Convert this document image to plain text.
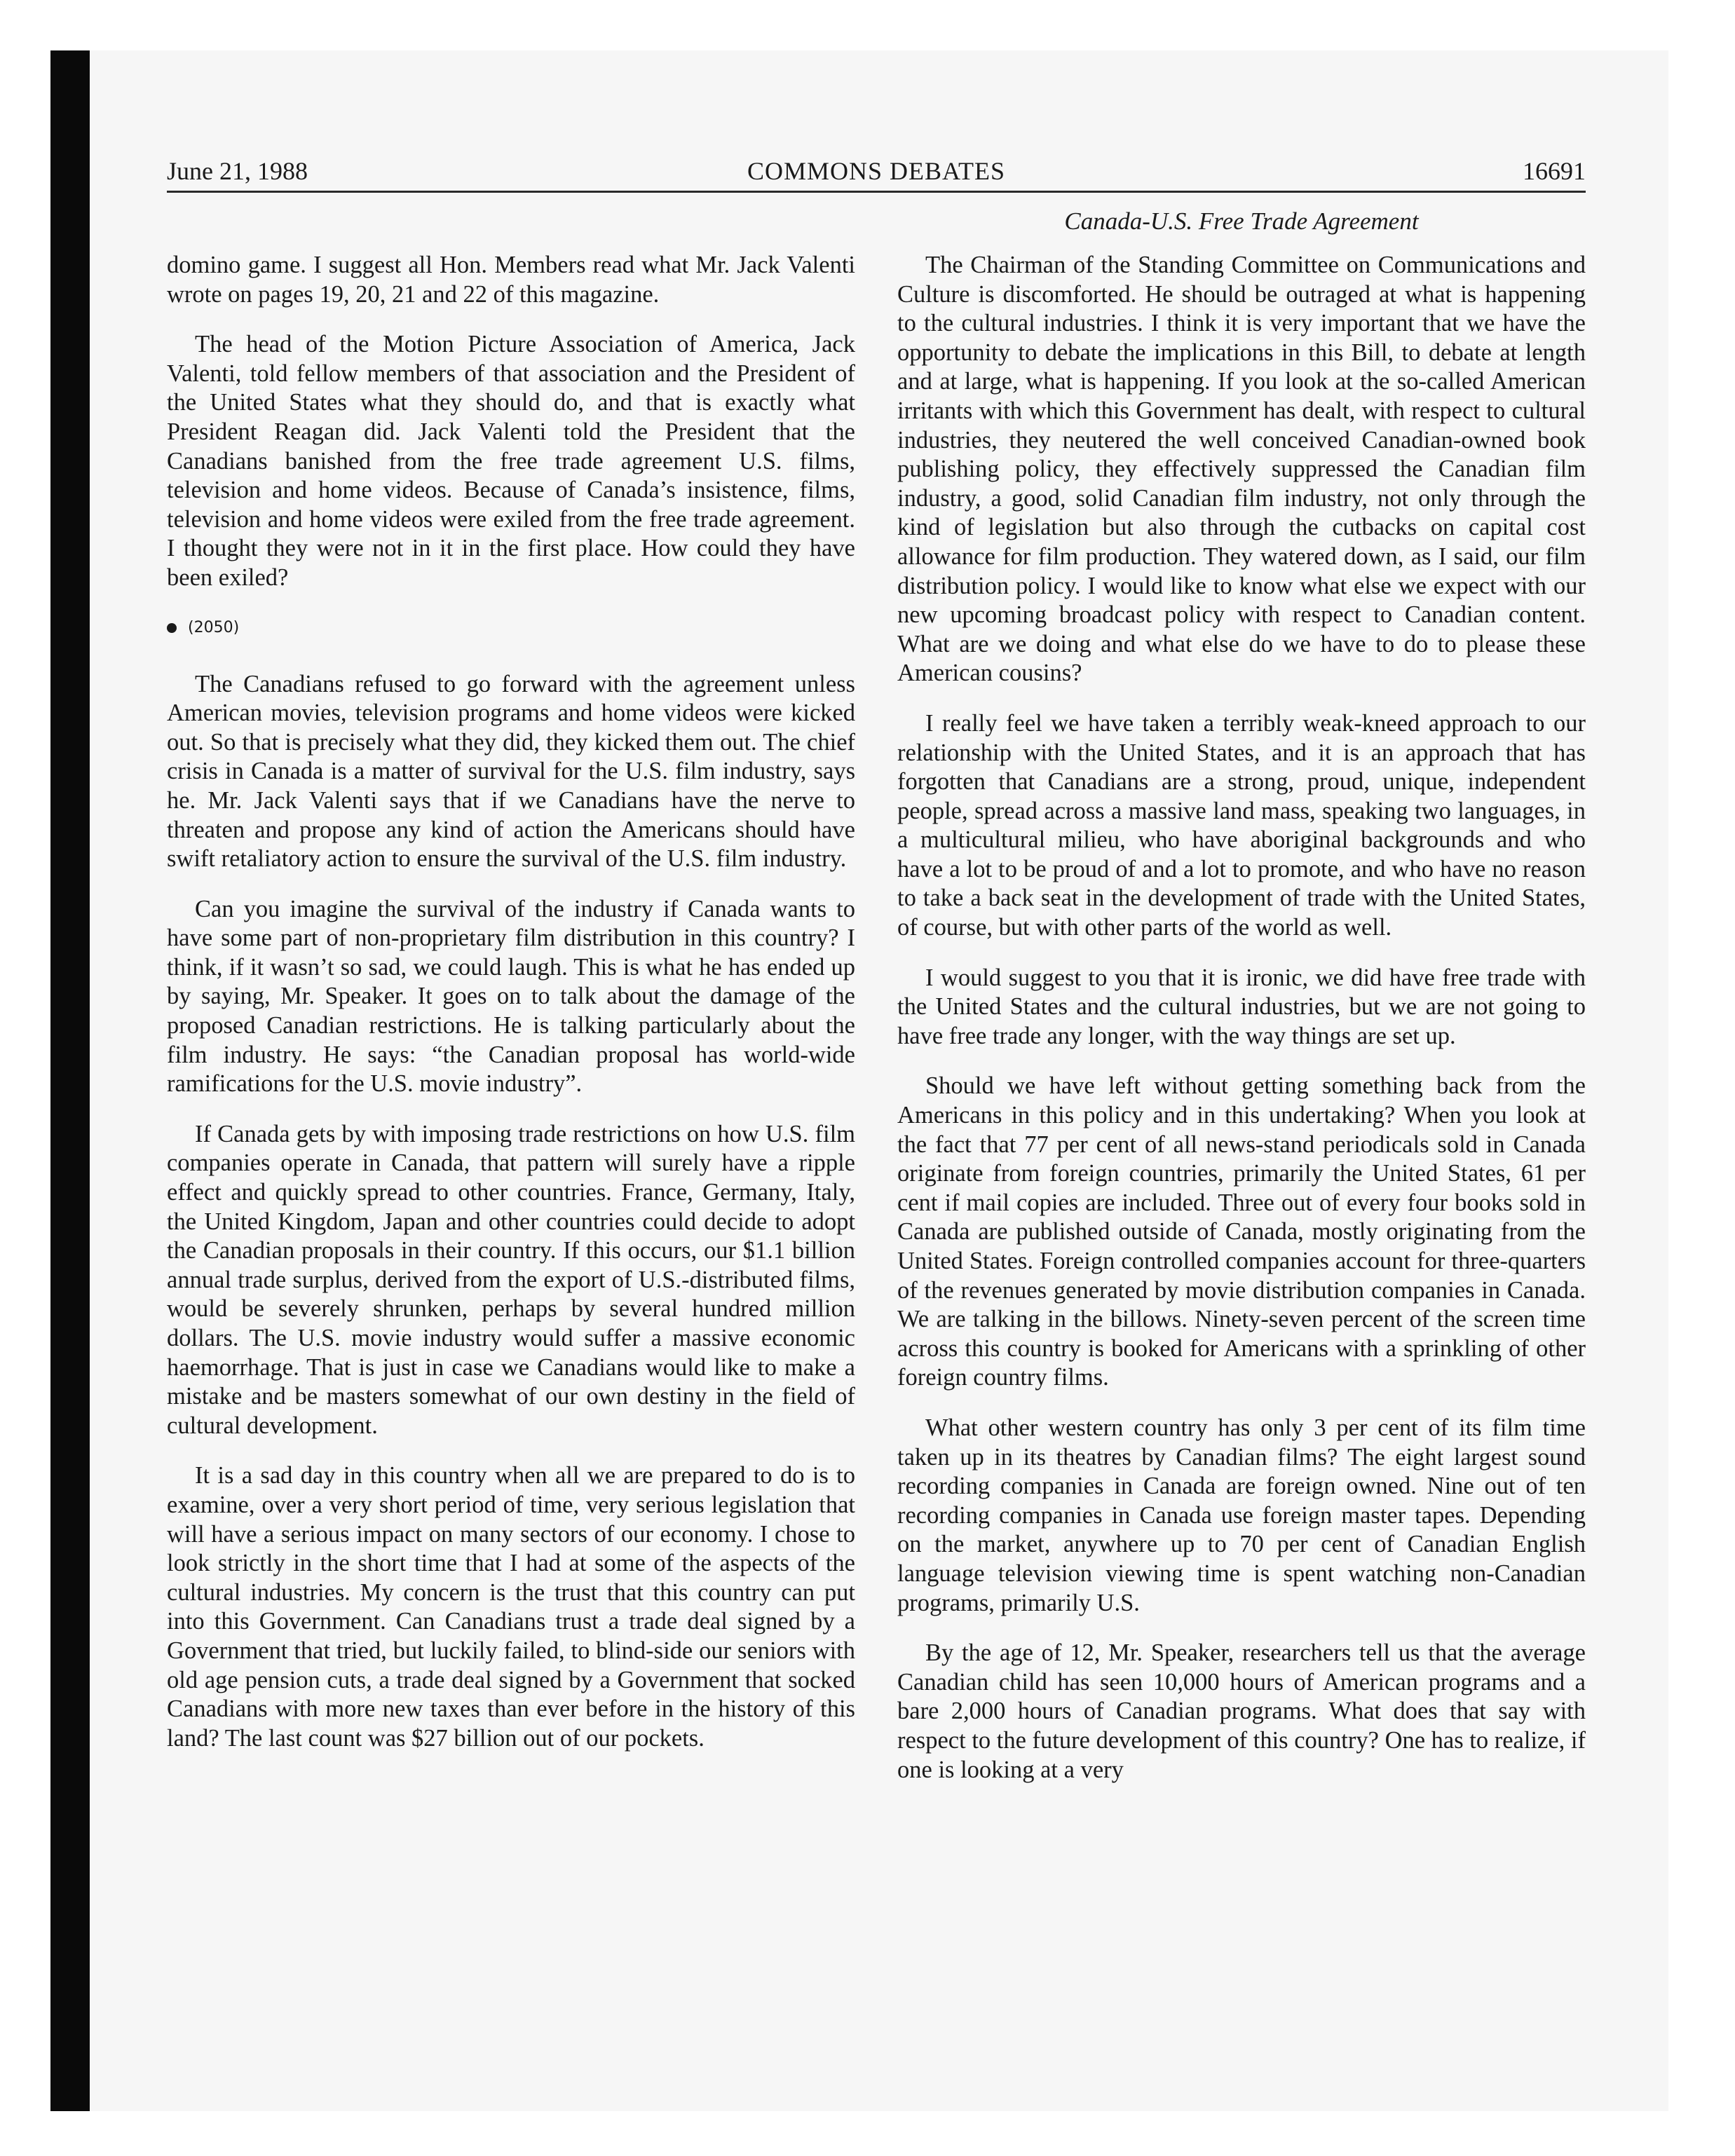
June 21, 1988	COMMONS DEBATES	16691
Canada-U.S. Free Trade Agreement

domino game. I suggest all Hon. Members read what Mr. Jack Valenti wrote on pages 19, 20, 21 and 22 of this magazine.

The head of the Motion Picture Association of America, Jack Valenti, told fellow members of that association and the President of the United States what they should do, and that is exactly what President Reagan did. Jack Valenti told the President that the Canadians banished from the free trade agreement U.S. films, television and home videos. Because of Canada’s insistence, films, television and home videos were exiled from the free trade agreement. I thought they were not in it in the first place. How could they have been exiled?

(2050)

The Canadians refused to go forward with the agreement unless American movies, television programs and home videos were kicked out. So that is precisely what they did, they kicked them out. The chief crisis in Canada is a matter of survival for the U.S. film industry, says he. Mr. Jack Valenti says that if we Canadians have the nerve to threaten and propose any kind of action the Americans should have swift retaliatory action to ensure the survival of the U.S. film industry.

Can you imagine the survival of the industry if Canada wants to have some part of non-proprietary film distribution in this country? I think, if it wasn’t so sad, we could laugh. This is what he has ended up by saying, Mr. Speaker. It goes on to talk about the damage of the proposed Canadian restrictions. He is talking particularly about the film industry. He says: “the Canadian proposal has world-wide ramifications for the U.S. movie industry”.

If Canada gets by with imposing trade restrictions on how U.S. film companies operate in Canada, that pattern will surely have a ripple effect and quickly spread to other countries. France, Germany, Italy, the United Kingdom, Japan and other countries could decide to adopt the Canadian proposals in their country. If this occurs, our $1.1 billion annual trade surplus, derived from the export of U.S.-distributed films, would be severely shrunken, perhaps by several hundred million dollars. The U.S. movie industry would suffer a massive economic haemorrhage. That is just in case we Canadians would like to make a mistake and be masters somewhat of our own destiny in the field of cultural development.

It is a sad day in this country when all we are prepared to do is to examine, over a very short period of time, very serious legislation that will have a serious impact on many sectors of our economy. I chose to look strictly in the short time that I had at some of the aspects of the cultural industries. My concern is the trust that this country can put into this Government. Can Canadians trust a trade deal signed by a Government that tried, but luckily failed, to blind-side our seniors with old age pension cuts, a trade deal signed by a Government that socked Canadians with more new taxes than ever before in the history of this land? The last count was $27 billion out of our pockets.

The Chairman of the Standing Committee on Communications and Culture is discomforted. He should be outraged at what is happening to the cultural industries. I think it is very important that we have the opportunity to debate the implications in this Bill, to debate at length and at large, what is happening. If you look at the so-called American irritants with which this Government has dealt, with respect to cultural industries, they neutered the well conceived Canadian-owned book publishing policy, they effectively suppressed the Canadian film industry, a good, solid Canadian film industry, not only through the kind of legislation but also through the cutbacks on capital cost allowance for film production. They watered down, as I said, our film distribution policy. I would like to know what else we expect with our new upcoming broadcast policy with respect to Canadian content. What are we doing and what else do we have to do to please these American cousins?

I really feel we have taken a terribly weak-kneed approach to our relationship with the United States, and it is an approach that has forgotten that Canadians are a strong, proud, unique, independent people, spread across a massive land mass, speaking two languages, in a multicultural milieu, who have aboriginal backgrounds and who have a lot to be proud of and a lot to promote, and who have no reason to take a back seat in the development of trade with the United States, of course, but with other parts of the world as well.

I would suggest to you that it is ironic, we did have free trade with the United States and the cultural industries, but we are not going to have free trade any longer, with the way things are set up.

Should we have left without getting something back from the Americans in this policy and in this undertaking? When you look at the fact that 77 per cent of all news-stand periodicals sold in Canada originate from foreign countries, primarily the United States, 61 per cent if mail copies are included. Three out of every four books sold in Canada are published outside of Canada, mostly originating from the United States. Foreign controlled companies account for three-quarters of the revenues generated by movie distribution companies in Canada. We are talking in the billows. Ninety-seven percent of the screen time across this country is booked for Americans with a sprinkling of other foreign country films.

What other western country has only 3 per cent of its film time taken up in its theatres by Canadian films? The eight largest sound recording companies in Canada are foreign owned. Nine out of ten recording companies in Canada use foreign master tapes. Depending on the market, anywhere up to 70 per cent of Canadian English language television viewing time is spent watching non-Canadian programs, primarily U.S.

By the age of 12, Mr. Speaker, researchers tell us that the average Canadian child has seen 10,000 hours of American programs and a bare 2,000 hours of Canadian programs. What does that say with respect to the future development of this country? One has to realize, if one is looking at a very
